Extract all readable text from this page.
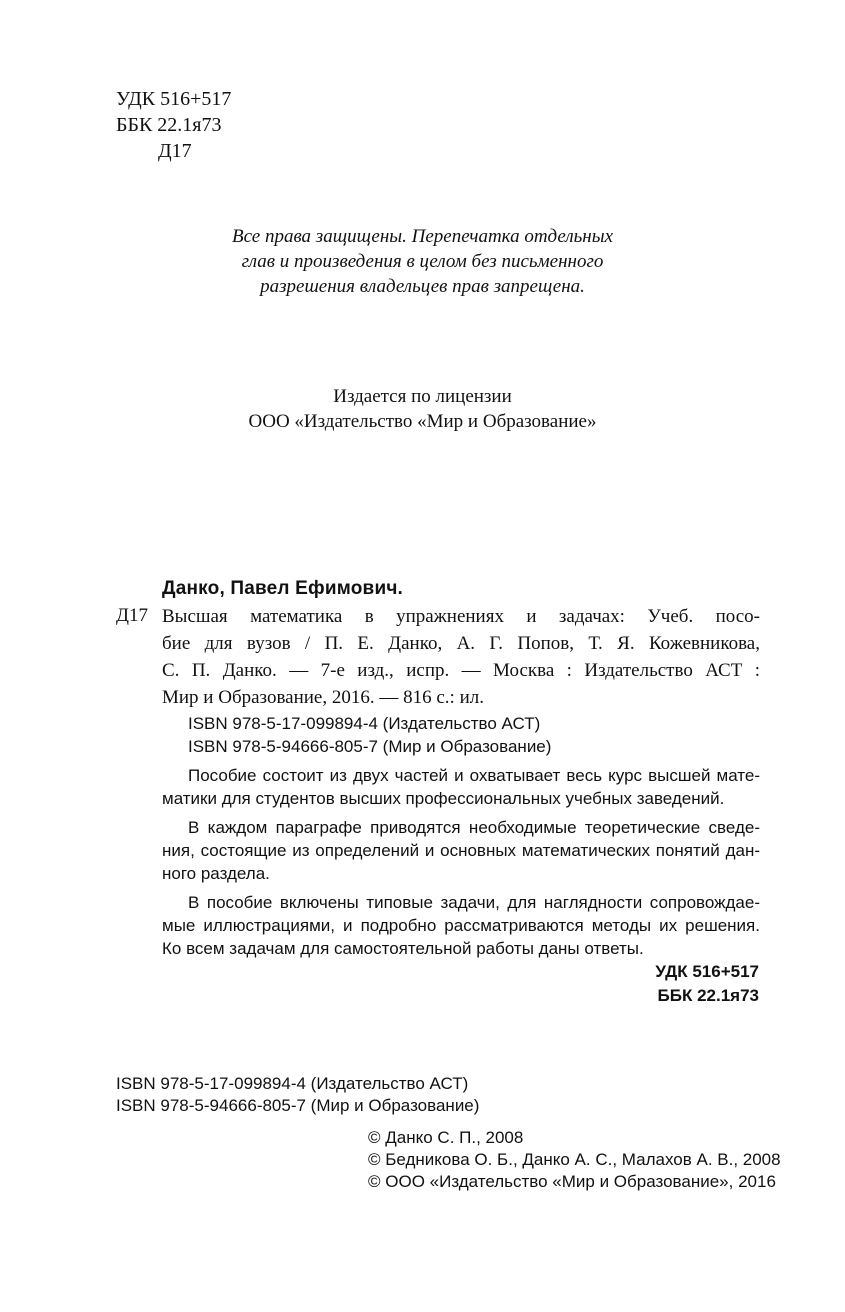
УДК 516+517
ББК 22.1я73
Д17
Все права защищены. Перепечатка отдельных
глав и произведения в целом без письменного
разрешения владельцев прав запрещена.
Издается по лицензии
ООО «Издательство «Мир и Образование»
Данко, Павел Ефимович.
Д17 Высшая математика в упражнениях и задачах: Учеб. посо-
бие для вузов / П. Е. Данко, А. Г. Попов, Т. Я. Кожевникова,
С. П. Данко. — 7-е изд., испр. — Москва : Издательство АСТ :
Мир и Образование, 2016. — 816 с.: ил.
ISBN 978-5-17-099894-4 (Издательство АСТ)
ISBN 978-5-94666-805-7 (Мир и Образование)
Пособие состоит из двух частей и охватывает весь курс высшей мате-
матики для студентов высших профессиональных учебных заведений.
В каждом параграфе приводятся необходимые теоретические сведе-
ния, состоящие из определений и основных математических понятий дан-
ного раздела.
В пособие включены типовые задачи, для наглядности сопровождае-
мые иллюстрациями, и подробно рассматриваются методы их решения.
Ко всем задачам для самостоятельной работы даны ответы.
УДК 516+517
ББК 22.1я73
ISBN 978-5-17-099894-4 (Издательство АСТ)
ISBN 978-5-94666-805-7 (Мир и Образование)
© Данко С. П., 2008
© Бедникова О. Б., Данко А. С., Малахов А. В., 2008
© ООО «Издательство «Мир и Образование», 2016
